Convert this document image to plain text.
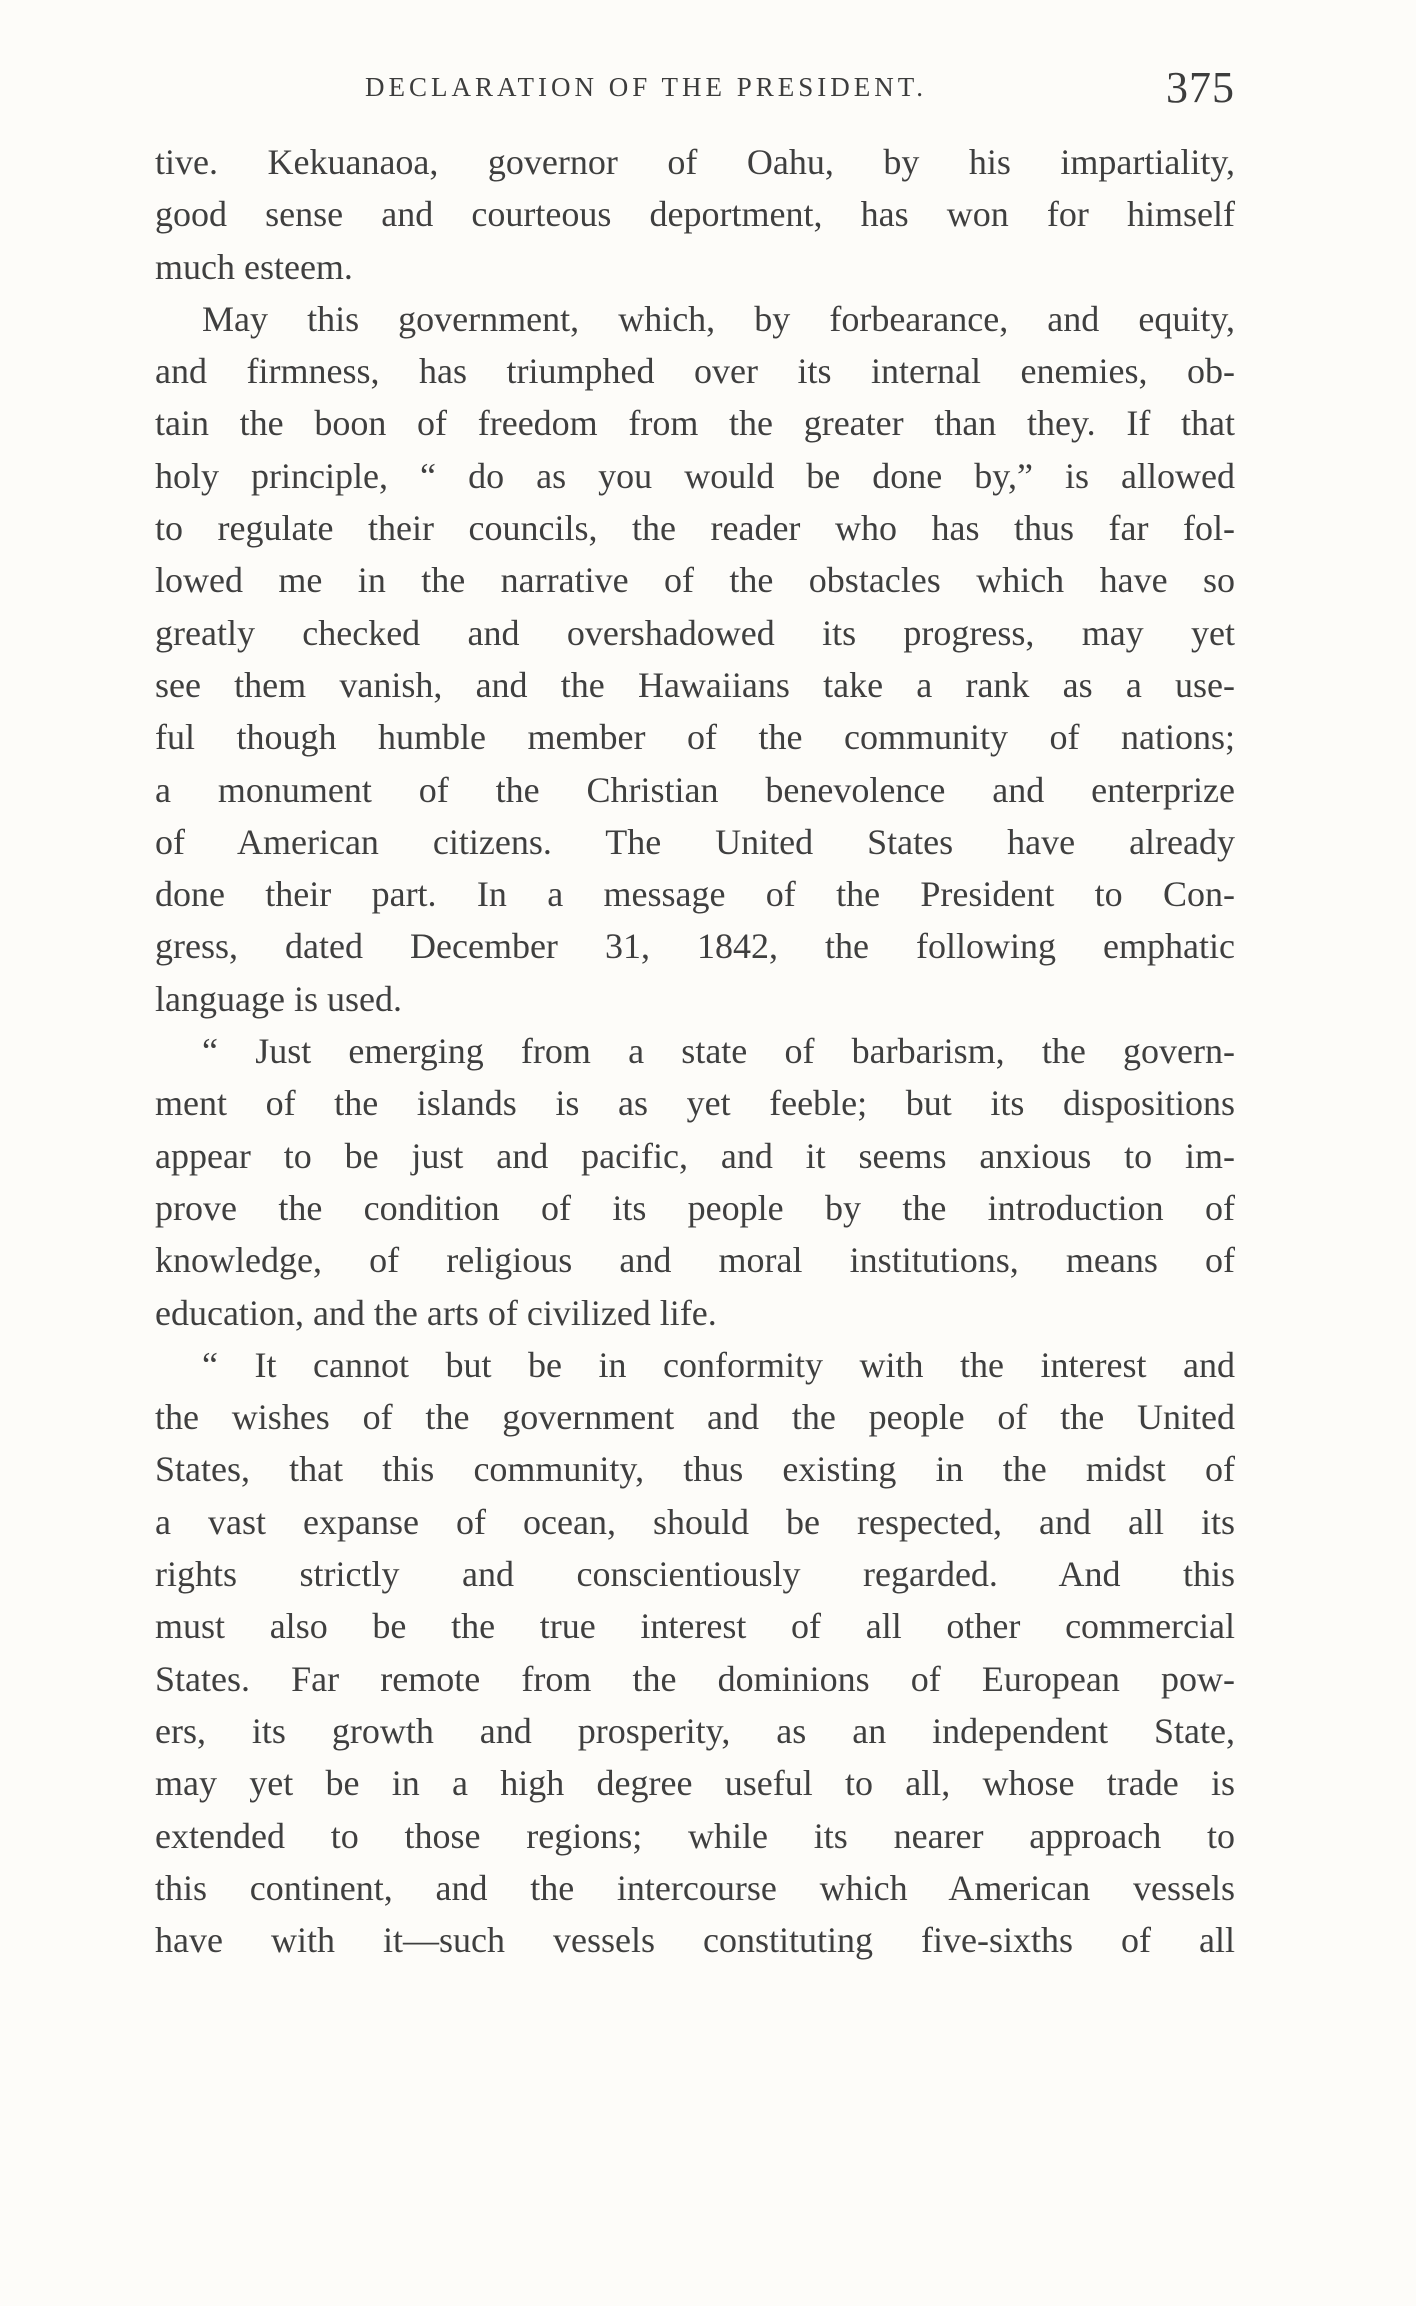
DECLARATION OF THE PRESIDENT.	375
tive. Kekuanaoa, governor of Oahu, by his impartiality,
good sense and courteous deportment, has won for himself
much esteem.
May this government, which, by forbearance, and equity,
and firmness, has triumphed over its internal enemies, ob-
tain the boon of freedom from the greater than they. If that
holy principle, “ do as you would be done by,” is allowed
to regulate their councils, the reader who has thus far fol-
lowed me in the narrative of the obstacles which have so
greatly checked and overshadowed its progress, may yet
see them vanish, and the Hawaiians take a rank as a use-
ful though humble member of the community of nations;
a monument of the Christian benevolence and enterprize
of American citizens. The United States have already
done their part. In a message of the President to Con-
gress, dated December 31, 1842, the following emphatic
language is used.
“ Just emerging from a state of barbarism, the govern-
ment of the islands is as yet feeble; but its dispositions
appear to be just and pacific, and it seems anxious to im-
prove the condition of its people by the introduction of
knowledge, of religious and moral institutions, means of
education, and the arts of civilized life.
“ It cannot but be in conformity with the interest and
the wishes of the government and the people of the United
States, that this community, thus existing in the midst of
a vast expanse of ocean, should be respected, and all its
rights strictly and conscientiously regarded. And this
must also be the true interest of all other commercial
States. Far remote from the dominions of European pow-
ers, its growth and prosperity, as an independent State,
may yet be in a high degree useful to all, whose trade is
extended to those regions; while its nearer approach to
this continent, and the intercourse which American vessels
have with it—such vessels constituting five-sixths of all
